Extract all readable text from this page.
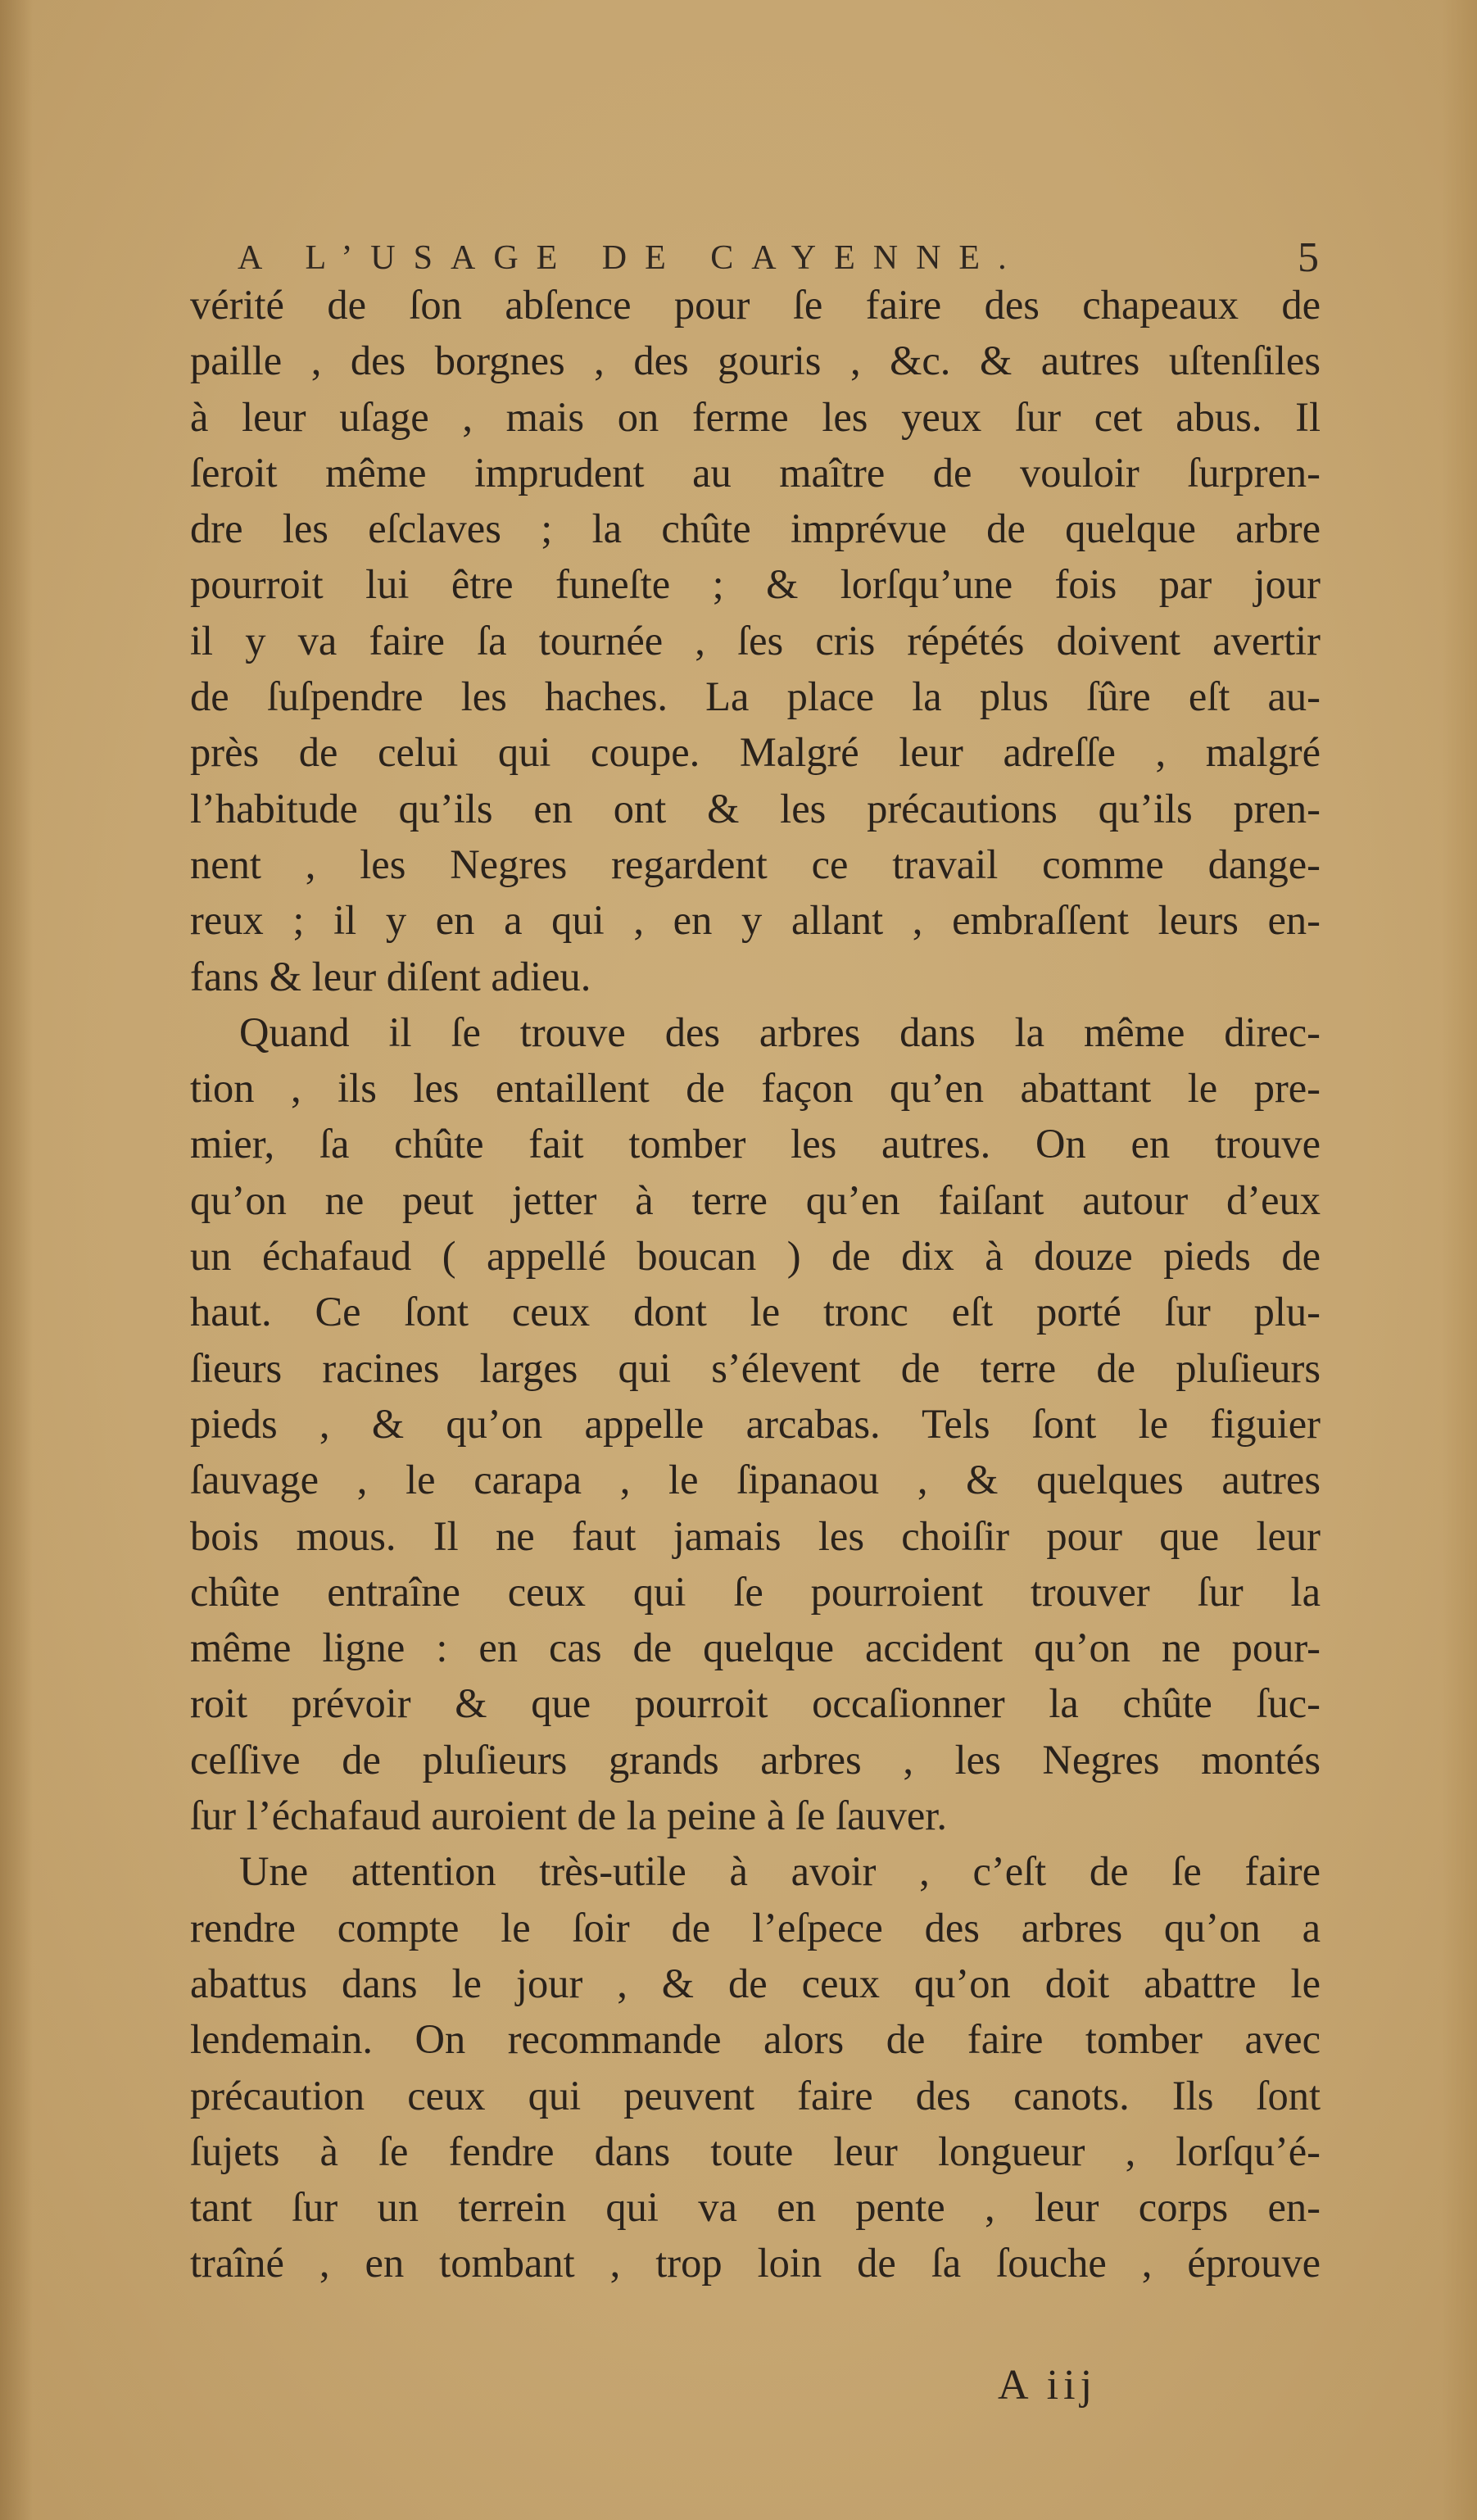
A L’USAGE DE CAYENNE.	5
vérité de ſon abſence pour ſe faire des chapeaux de
paille , des borgnes , des gouris , &c. & autres uſtenſiles
à leur uſage , mais on ferme les yeux ſur cet abus. Il
ſeroit même imprudent au maître de vouloir ſurpren-
dre les eſclaves ; la chûte imprévue de quelque arbre
pourroit lui être funeſte ; & lorſqu’une fois par jour
il y va faire ſa tournée , ſes cris répétés doivent avertir
de ſuſpendre les haches. La place la plus ſûre eſt au-
près de celui qui coupe. Malgré leur adreſſe , malgré
l’habitude qu’ils en ont & les précautions qu’ils pren-
nent , les Negres regardent ce travail comme dange-
reux ; il y en a qui , en y allant , embraſſent leurs en-
fans & leur diſent adieu.
Quand il ſe trouve des arbres dans la même direc-
tion , ils les entaillent de façon qu’en abattant le pre-
mier, ſa chûte fait tomber les autres. On en trouve
qu’on ne peut jetter à terre qu’en faiſant autour d’eux
un échafaud ( appellé boucan ) de dix à douze pieds de
haut. Ce ſont ceux dont le tronc eſt porté ſur plu-
ſieurs racines larges qui s’élevent de terre de pluſieurs
pieds , & qu’on appelle arcabas. Tels ſont le figuier
ſauvage , le carapa , le ſipanaou , & quelques autres
bois mous. Il ne faut jamais les choiſir pour que leur
chûte entraîne ceux qui ſe pourroient trouver ſur la
même ligne : en cas de quelque accident qu’on ne pour-
roit prévoir & que pourroit occaſionner la chûte ſuc-
ceſſive de pluſieurs grands arbres , les Negres montés
ſur l’échafaud auroient de la peine à ſe ſauver.
Une attention très-utile à avoir , c’eſt de ſe faire
rendre compte le ſoir de l’eſpece des arbres qu’on a
abattus dans le jour , & de ceux qu’on doit abattre le
lendemain. On recommande alors de faire tomber avec
précaution ceux qui peuvent faire des canots. Ils ſont
ſujets à ſe fendre dans toute leur longueur , lorſqu’é-
tant ſur un terrein qui va en pente , leur corps en-
traîné , en tombant , trop loin de ſa ſouche , éprouve
A iij
